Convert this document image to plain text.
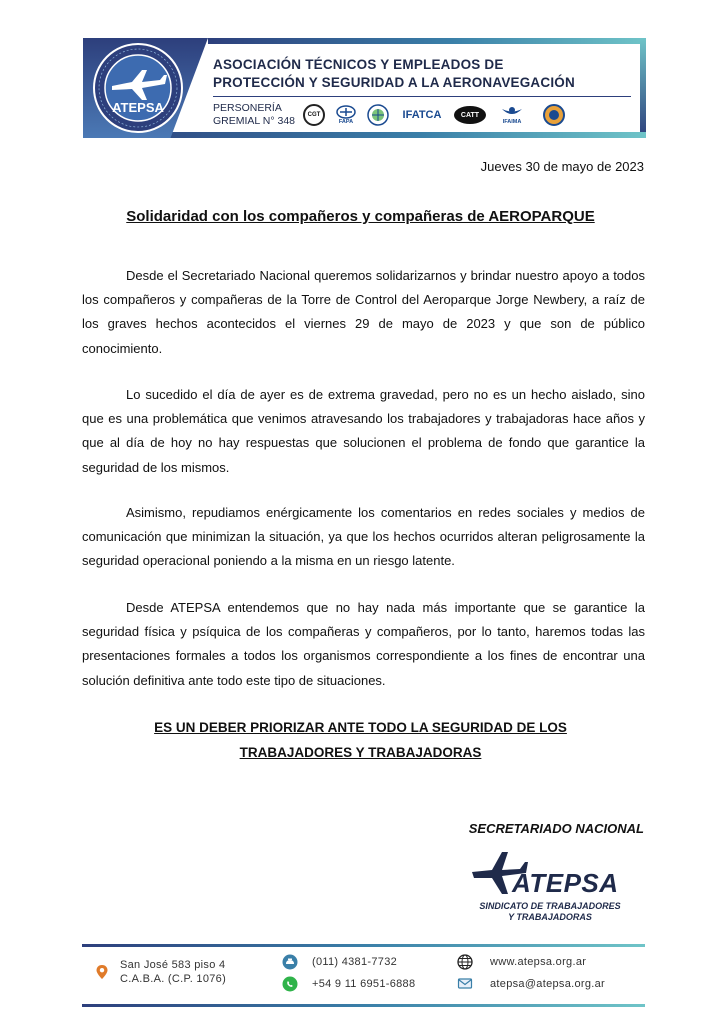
ATEPSA
ASOCIACIÓN TÉCNICOS Y EMPLEADOS DE
PROTECCIÓN Y SEGURIDAD A LA AERONAVEGACIÓN
PERSONERÍA
GREMIAL N° 348	CGT
FAPA
IFATCA	CATT
IFAIMA
Jueves 30 de mayo de 2023
Solidaridad con los compañeros y compañeras de AEROPARQUE

Desde el Secretariado Nacional queremos solidarizarnos y brindar nuestro apoyo a todos los compañeros y compañeras de la Torre de Control del Aeroparque Jorge Newbery, a raíz de los graves hechos acontecidos el viernes 29 de mayo de 2023 y que son de público conocimiento.

Lo sucedido el día de ayer es de extrema gravedad, pero no es un hecho aislado, sino que es una problemática que venimos atravesando los trabajadores y trabajadoras hace años y que al día de hoy no hay respuestas que solucionen el problema de fondo que garantice la seguridad de los mismos.

Asimismo, repudiamos enérgicamente los comentarios en redes sociales y medios de comunicación que minimizan la situación, ya que los hechos ocurridos alteran peligrosamente la seguridad operacional poniendo a la misma en un riesgo latente.

Desde ATEPSA entendemos que no hay nada más importante que se garantice la seguridad física y psíquica de los compañeras y compañeros, por lo tanto, haremos todas las presentaciones formales a todos los organismos correspondiente a los fines de encontrar una solución definitiva ante todo este tipo de situaciones.

ES UN DEBER PRIORIZAR ANTE TODO LA SEGURIDAD DE LOS
TRABAJADORES Y TRABAJADORAS
SECRETARIADO NACIONAL
ATEPSA
SINDICATO DE TRABAJADORES
Y TRABAJADORAS
San José 583 piso 4
C.A.B.A. (C.P. 1076)
(011) 4381-7732
+54 9 11 6951-6888
www.atepsa.org.ar
atepsa@atepsa.org.ar
